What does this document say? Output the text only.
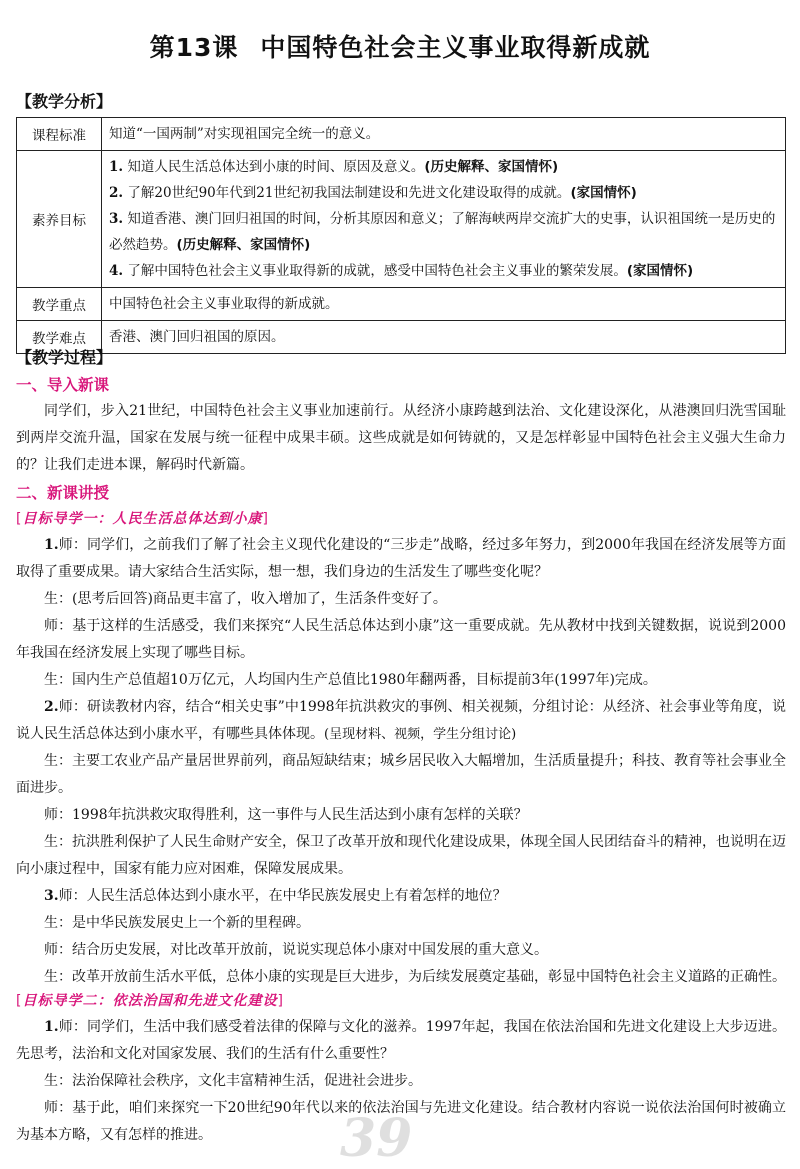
第13课 中国特色社会主义事业取得新成就
【教学分析】
课程标准	知道“一国两制”对实现祖国完全统一的意义。
素养目标	1. 知道人民生活总体达到小康的时间、原因及意义。(历史解释、家国情怀)
2. 了解20世纪90年代到21世纪初我国法制建设和先进文化建设取得的成就。(家国情怀)
3. 知道香港、澳门回归祖国的时间，分析其原因和意义；了解海峡两岸交流扩大的史事，认识祖国统一是历史的必然趋势。(历史解释、家国情怀)
4. 了解中国特色社会主义事业取得新的成就，感受中国特色社会主义事业的繁荣发展。(家国情怀)

教学重点	中国特色社会主义事业取得的新成就。
教学难点	香港、澳门回归祖国的原因。
【教学过程】
一、导入新课

同学们，步入21世纪，中国特色社会主义事业加速前行。从经济小康跨越到法治、文化建设深化，从港澳回归洗雪国耻到两岸交流升温，国家在发展与统一征程中成果丰硕。这些成就是如何铸就的，又是怎样彰显中国特色社会主义强大生命力的？让我们走进本课，解码时代新篇。

二、新课讲授
[目标导学一：人民生活总体达到小康]

1.师：同学们，之前我们了解了社会主义现代化建设的“三步走”战略，经过多年努力，到2000年我国在经济发展等方面取得了重要成果。请大家结合生活实际，想一想，我们身边的生活发生了哪些变化呢？

生：(思考后回答)商品更丰富了，收入增加了，生活条件变好了。

师：基于这样的生活感受，我们来探究“人民生活总体达到小康”这一重要成就。先从教材中找到关键数据，说说到2000年我国在经济发展上实现了哪些目标。

生：国内生产总值超10万亿元，人均国内生产总值比1980年翻两番，目标提前3年(1997年)完成。

2.师：研读教材内容，结合“相关史事”中1998年抗洪救灾的事例、相关视频，分组讨论：从经济、社会事业等角度，说说人民生活总体达到小康水平，有哪些具体体现。(呈现材料、视频，学生分组讨论)

生：主要工农业产品产量居世界前列，商品短缺结束；城乡居民收入大幅增加，生活质量提升；科技、教育等社会事业全面进步。

师：1998年抗洪救灾取得胜利，这一事件与人民生活达到小康有怎样的关联？

生：抗洪胜利保护了人民生命财产安全，保卫了改革开放和现代化建设成果，体现全国人民团结奋斗的精神，也说明在迈向小康过程中，国家有能力应对困难，保障发展成果。

3.师：人民生活总体达到小康水平，在中华民族发展史上有着怎样的地位？

生：是中华民族发展史上一个新的里程碑。

师：结合历史发展，对比改革开放前，说说实现总体小康对中国发展的重大意义。

生：改革开放前生活水平低，总体小康的实现是巨大进步，为后续发展奠定基础，彰显中国特色社会主义道路的正确性。

[目标导学二：依法治国和先进文化建设]

1.师：同学们，生活中我们感受着法律的保障与文化的滋养。1997年起，我国在依法治国和先进文化建设上大步迈进。先思考，法治和文化对国家发展、我们的生活有什么重要性？

生：法治保障社会秩序，文化丰富精神生活，促进社会进步。

师：基于此，咱们来探究一下20世纪90年代以来的依法治国与先进文化建设。结合教材内容说一说依法治国何时被确立为基本方略，又有怎样的推进。	39
